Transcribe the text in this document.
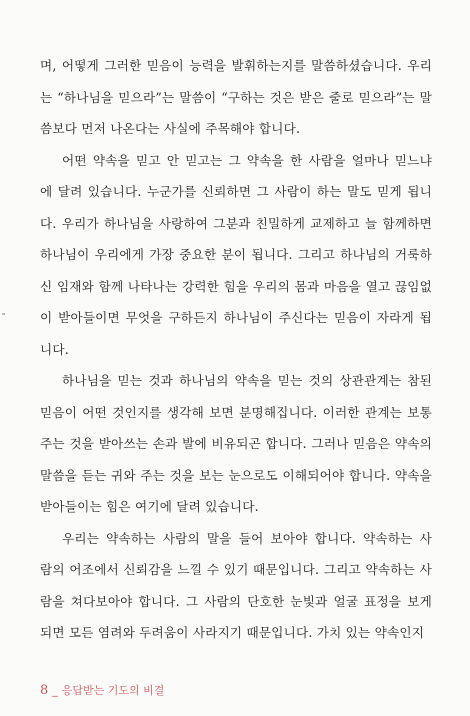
며, 어떻게 그러한 믿음이 능력을 발휘하는지를 말씀하셨습니다. 우리
는 “하나님을 믿으라”는 말씀이 “구하는 것은 받은 줄로 믿으라”는 말
씀보다 먼저 나온다는 사실에 주목해야 합니다.
어떤 약속을 믿고 안 믿고는 그 약속을 한 사람을 얼마나 믿느냐
에 달려 있습니다. 누군가를 신뢰하면 그 사람이 하는 말도 믿게 됩니
다. 우리가 하나님을 사랑하여 그분과 친밀하게 교제하고 늘 함께하면
하나님이 우리에게 가장 중요한 분이 됩니다. 그리고 하나님의 거룩하
신 임재와 함께 나타나는 강력한 힘을 우리의 몸과 마음을 열고 끊임없
이 받아들이면 무엇을 구하든지 하나님이 주신다는 믿음이 자라게 됩
니다.
하나님을 믿는 것과 하나님의 약속을 믿는 것의 상관관계는 참된
믿음이 어떤 것인지를 생각해 보면 분명해집니다. 이러한 관계는 보통
주는 것을 받아쓰는 손과 발에 비유되곤 합니다. 그러나 믿음은 약속의
말씀을 듣는 귀와 주는 것을 보는 눈으로도 이해되어야 합니다. 약속을
받아들이는 힘은 여기에 달려 있습니다.
우리는 약속하는 사람의 말을 들어 보아야 합니다. 약속하는 사
람의 어조에서 신뢰감을 느낄 수 있기 때문입니다. 그리고 약속하는 사
람을 쳐다보아야 합니다. 그 사람의 단호한 눈빛과 얼굴 표정을 보게
되면 모든 염려와 두려움이 사라지기 때문입니다. 가치 있는 약속인지
8 _ 응답받는 기도의 비결
